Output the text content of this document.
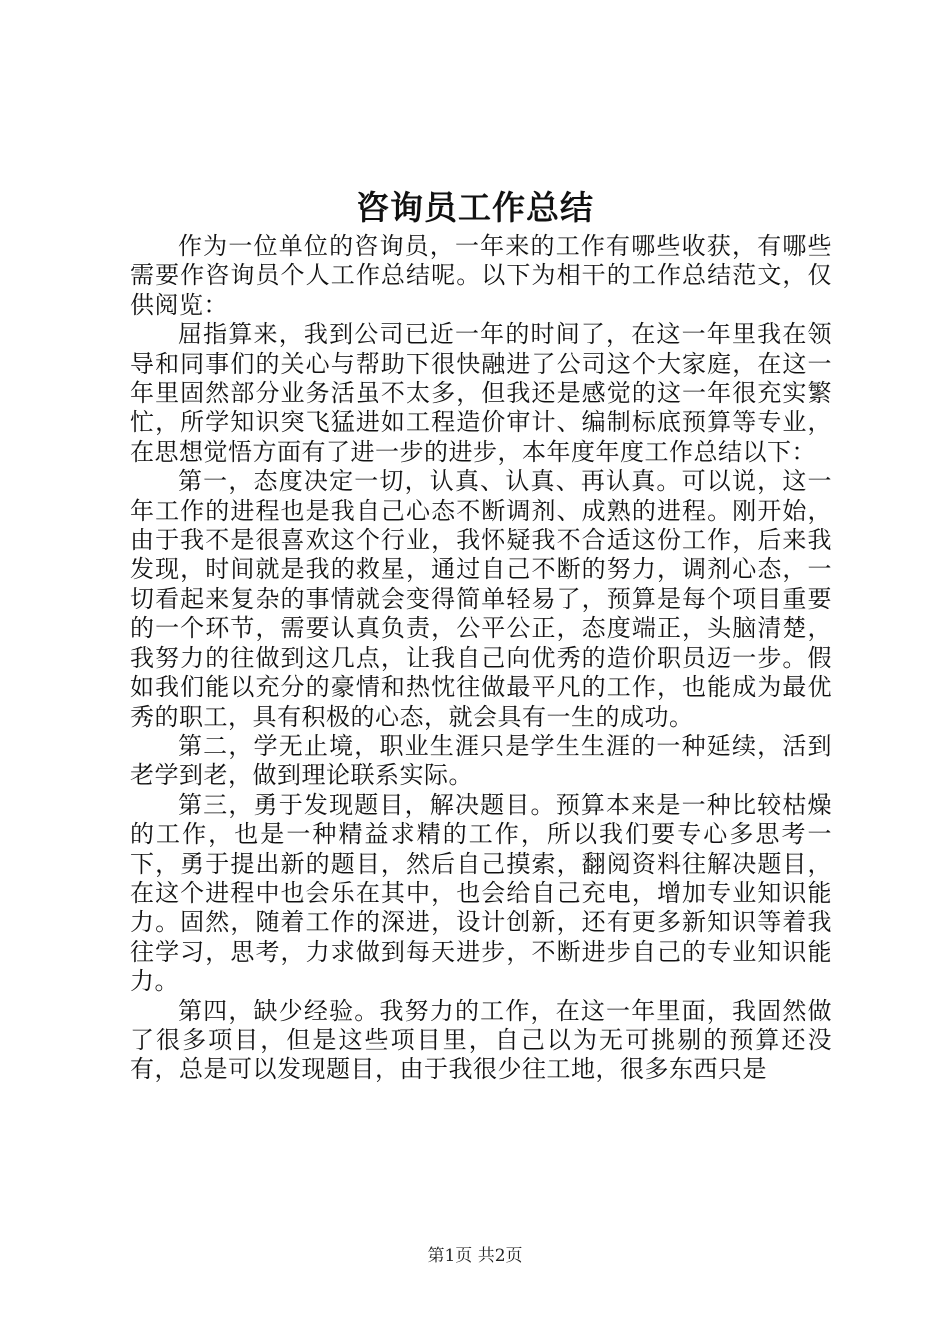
咨询员工作总结

作为一位单位的咨询员，一年来的工作有哪些收获，有哪些需要作咨询员个人工作总结呢。以下为相干的工作总结范文，仅供阅览：

屈指算来，我到公司已近一年的时间了，在这一年里我在领导和同事们的关心与帮助下很快融进了公司这个大家庭，在这一年里固然部分业务活虽不太多，但我还是感觉的这一年很充实繁忙，所学知识突飞猛进如工程造价审计、编制标底预算等专业，在思想觉悟方面有了进一步的进步，本年度年度工作总结以下：

第一，态度决定一切，认真、认真、再认真。可以说，这一年工作的进程也是我自己心态不断调剂、成熟的进程。刚开始，由于我不是很喜欢这个行业，我怀疑我不合适这份工作，后来我发现，时间就是我的救星，通过自己不断的努力，调剂心态，一切看起来复杂的事情就会变得简单轻易了，预算是每个项目重要的一个环节，需要认真负责，公平公正，态度端正，头脑清楚，我努力的往做到这几点，让我自己向优秀的造价职员迈一步。假如我们能以充分的豪情和热忱往做最平凡的工作，也能成为最优秀的职工，具有积极的心态，就会具有一生的成功。

第二，学无止境，职业生涯只是学生生涯的一种延续，活到老学到老，做到理论联系实际。

第三，勇于发现题目，解决题目。预算本来是一种比较枯燥的工作，也是一种精益求精的工作，所以我们要专心多思考一下，勇于提出新的题目，然后自己摸索，翻阅资料往解决题目，在这个进程中也会乐在其中，也会给自己充电，增加专业知识能力。固然，随着工作的深进，设计创新，还有更多新知识等着我往学习，思考，力求做到每天进步，不断进步自己的专业知识能力。

第四，缺少经验。我努力的工作，在这一年里面，我固然做了很多项目，但是这些项目里，自己以为无可挑剔的预算还没有，总是可以发现题目，由于我很少往工地，很多东西只是

第1页 共2页
